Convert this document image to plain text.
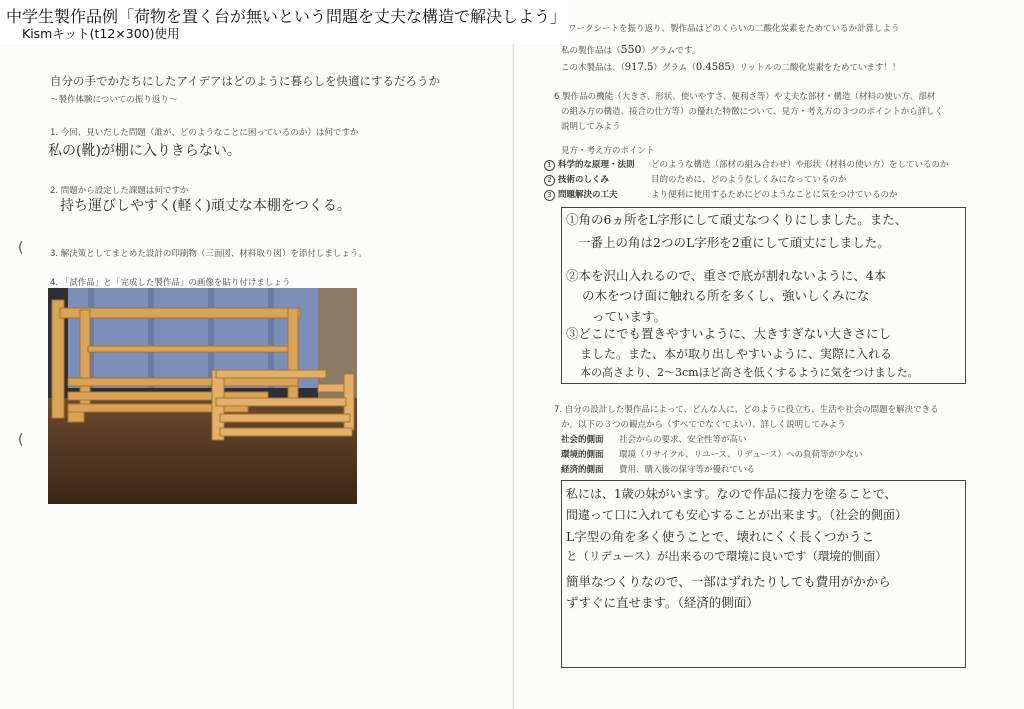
中学生製作品例「荷物を置く台が無いという問題を丈夫な構造で解決しよう」
Kismキット(t12×300)使用
自分の手でかたちにしたアイデアはどのように暮らしを快適にするだろうか
～製作体験についての振り返り～
1. 今回、見いだした問題（誰が、どのようなことに困っているのか）は何ですか
私の(靴)が棚に入りきらない。
2. 問題から設定した課題は何ですか
持ち運びしやすく(軽く)頑丈な本棚をつくる。
3. 解決策としてまとめた設計の印刷物（三面図、材料取り図）を添付しましょう。
4. 「試作品」と「完成した製作品」の画像を貼り付けましょう
(
(
ワークシートを振り返り、製作品はどのくらいの二酸化炭素をためているか計算しよう
私の製作品は（550）グラムです。
この木製品は、（917.5）グラム（0.4585）リットルの二酸化炭素をためています！！
6 製作品の機能（大きさ、形状、使いやすさ、便利さ等）や丈夫な部材・構造（材料の使い方、部材
の組み方の構造、接合の仕方等）の優れた特徴について、見方・考え方の３つのポイントから詳しく
説明してみよう
見方・考え方のポイント
1 科学的な原理・法則 どのような構造（部材の組み合わせ）や形状（材料の使い方）をしているのか
2 技術のしくみ	目的のために、どのようなしくみになっているのか
3 問題解決の工夫	より便利に使用するためにどのようなことに気をつけているのか
①角の6ヵ所をL字形にして頑丈なつくりにしました。また、
一番上の角は2つのL字形を2重にして頑丈にしました。
②本を沢山入れるので、重さで底が割れないように、4本
の木をつけ面に触れる所を多くし、強いしくみにな
っています。
③どこにでも置きやすいように、大きすぎない大きさにし
ました。また、本が取り出しやすいように、実際に入れる
本の高さより、2〜3cmほど高さを低くするように気をつけました。
7. 自分の設計した製作品によって、どんな人に、どのように役立ち、生活や社会の問題を解決できる
か。以下の３つの観点から（すべてでなくてよい）、詳しく説明してみよう
社会的側面 社会からの要求、安全性等が高い
環境的側面 環境（リサイクル、リユース、リデュース）への負荷等が少ない
経済的側面 費用、購入後の保守等が優れている
私には、1歳の妹がいます。なので作品に接力を塗ることで、
間違って口に入れても安心することが出来ます。（社会的側面）
L字型の角を多く使うことで、壊れにくく長くつかうこ
と（リデュース）が出来るので環境に良いです（環境的側面）
簡単なつくりなので、一部はずれたりしても費用がかから
ずすぐに直せます。（経済的側面）
